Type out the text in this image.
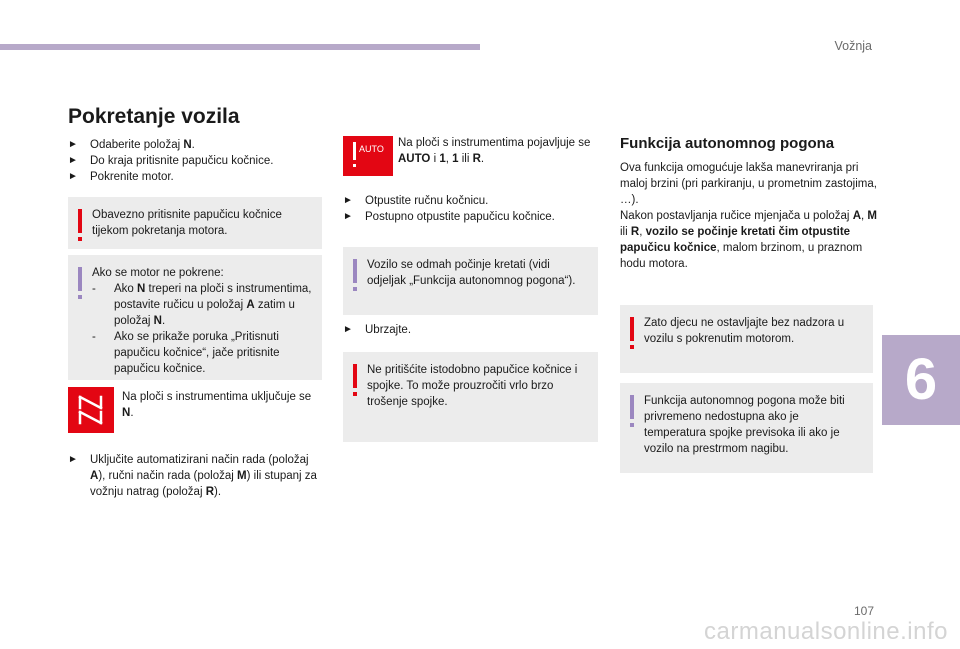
Vožnja
6
107
carmanualsonline.info
Pokretanje vozila
►	Odaberite položaj N.
►	Do kraja pritisnite papučicu kočnice.
►	Pokrenite motor.
Obavezno pritisnite papučicu kočnice tijekom pokretanja motora.
Ako se motor ne pokrene:
-	Ako N treperi na ploči s instrumentima, postavite ručicu u položaj A zatim u položaj N.
-	Ako se prikaže poruka „Pritisnuti papučicu kočnice“, jače pritisnite papučicu kočnice.
Na ploči s instrumentima uključuje se N.
►	Uključite automatizirani način rada (položaj A), ručni način rada (položaj M) ili stupanj za vožnju natrag (položaj R).
AUTO Na ploči s instrumentima pojavljuje se AUTO i 1, 1 ili R.
►	Otpustite ručnu kočnicu.
►	Postupno otpustite papučicu kočnice.
Vozilo se odmah počinje kretati (vidi odjeljak „Funkcija autonomnog pogona“).
►	Ubrzajte.
Ne pritišćite istodobno papučice kočnice i spojke. To može prouzročiti vrlo brzo trošenje spojke.
Funkcija autonomnog pogona
Ova funkcija omogućuje lakša manevriranja pri maloj brzini (pri parkiranju, u prometnim zastojima, …).
Nakon postavljanja ručice mjenjača u položaj A, M ili R, vozilo se počinje kretati čim otpustite papučicu kočnice, malom brzinom, u praznom hodu motora.
Zato djecu ne ostavljajte bez nadzora u vozilu s pokrenutim motorom.
Funkcija autonomnog pogona može biti privremeno nedostupna ako je temperatura spojke previsoka ili ako je vozilo na prestrmom nagibu.
